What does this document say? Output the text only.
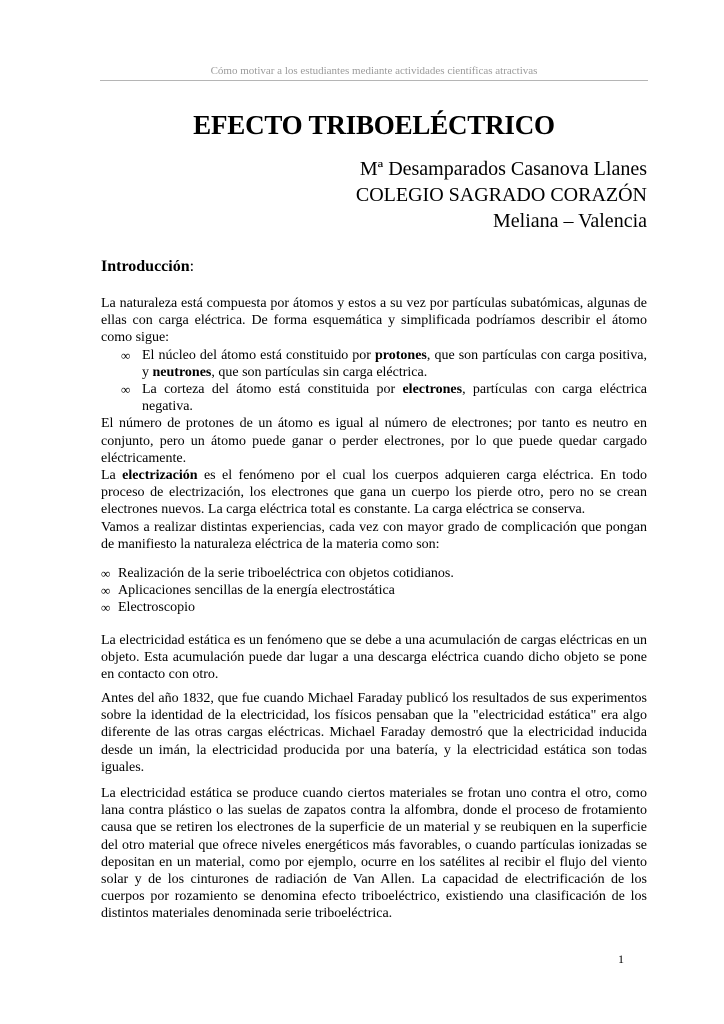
Cómo motivar a los estudiantes mediante actividades científicas atractivas
EFECTO TRIBOELÉCTRICO
Mª Desamparados Casanova Llanes
COLEGIO SAGRADO CORAZÓN
Meliana – Valencia
Introducción:

La naturaleza está compuesta por átomos y estos a su vez por partículas subatómicas, algunas de ellas con carga eléctrica. De forma esquemática y simplificada podríamos describir el átomo como sigue:

∞ El núcleo del átomo está constituido por protones, que son partículas con carga positiva, y neutrones, que son partículas sin carga eléctrica.
∞ La corteza del átomo está constituida por electrones, partículas con carga eléctrica negativa.

El número de protones de un átomo es igual al número de electrones; por tanto es neutro en conjunto, pero un átomo puede ganar o perder electrones, por lo que puede quedar cargado eléctricamente.

La electrización es el fenómeno por el cual los cuerpos adquieren carga eléctrica. En todo proceso de electrización, los electrones que gana un cuerpo los pierde otro, pero no se crean electrones nuevos. La carga eléctrica total es constante. La carga eléctrica se conserva.

Vamos a realizar distintas experiencias, cada vez con mayor grado de complicación que pongan de manifiesto la naturaleza eléctrica de la materia como son:

∞ Realización de la serie triboeléctrica con objetos cotidianos.
∞ Aplicaciones sencillas de la energía electrostática
∞ Electroscopio

La electricidad estática es un fenómeno que se debe a una acumulación de cargas eléctricas en un objeto. Esta acumulación puede dar lugar a una descarga eléctrica cuando dicho objeto se pone en contacto con otro.

Antes del año 1832, que fue cuando Michael Faraday publicó los resultados de sus experimentos sobre la identidad de la electricidad, los físicos pensaban que la "electricidad estática" era algo diferente de las otras cargas eléctricas. Michael Faraday demostró que la electricidad inducida desde un imán, la electricidad producida por una batería, y la electricidad estática son todas iguales.

La electricidad estática se produce cuando ciertos materiales se frotan uno contra el otro, como lana contra plástico o las suelas de zapatos contra la alfombra, donde el proceso de frotamiento causa que se retiren los electrones de la superficie de un material y se reubiquen en la superficie del otro material que ofrece niveles energéticos más favorables, o cuando partículas ionizadas se depositan en un material, como por ejemplo, ocurre en los satélites al recibir el flujo del viento solar y de los cinturones de radiación de Van Allen. La capacidad de electrificación de los cuerpos por rozamiento se denomina efecto triboeléctrico, existiendo una clasificación de los distintos materiales denominada serie triboeléctrica.

1
